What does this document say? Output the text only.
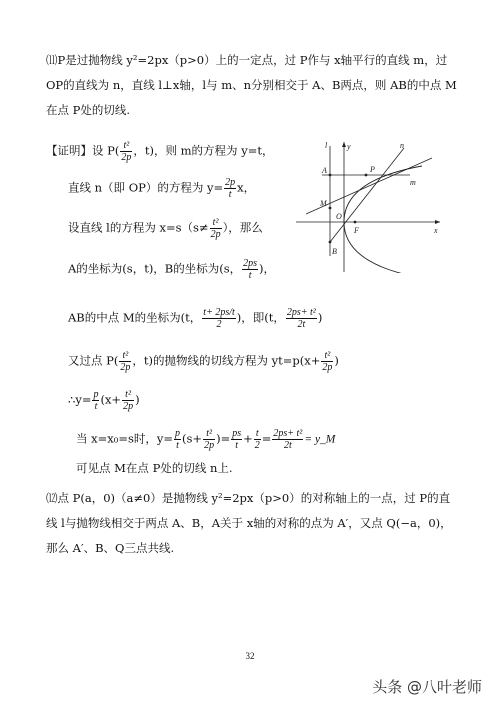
⑾P是过抛物线 y²=2px（p>0）上的一定点，过 P作与 x轴平行的直线 m，过
OP的直线为 n，直线 l⊥x轴，l与 m、n分别相交于 A、B两点，则 AB的中点 M
在点 P处的切线.
【证明】设 $P( \frac{\text{t²}}{2p}$ ，t)，则 m的方程为 y=t，
直线 n（即 OP）的方程为 $y= \frac{2p}{t}$ x，
设直线 l的方程为 $x=s(s\ne \frac{\text{t²}}{2p}$ ），那么
A的坐标为(s，t)，B的坐标为(s， $\frac{2ps}{t}$ )，
AB的中点 M的坐标为(t， $\frac{t+ 2ps/t}{2}$ )，即(t， $\frac{\text{2ps+ t²}}{2t}$ )
又过点 $P( \frac{\text{t²}}{2p}$ ，t)的抛物线的切线方程为 $yt=p(x+ \frac{\text{t²}}{2p}$ )
∴y= $\frac{p}{t} (x+ \frac{\text{t²}}{2p}$ )
当 x=x₀=s时，$y= \frac{p}{t} (s+ \frac{\text{t²}}{2p}$ )= $\frac{ps}{t} + \frac{t}{2} = \frac{\text{2ps+ t²}}{2t}$ = y_M
可见点 M在点 P处的切线 n上.
⑿点 P(a，0)（a≠0）是抛物线 y²=2px（p>0）的对称轴上的一点，过 P的直
线 l与抛物线相交于两点 A、B，A关于 x轴的对称的点为 A′，又点 Q(−a，0)，
那么 A′、B、Q三点共线.
l y	n
A	P
m
M
O
F	x
B
32
头条 @八叶老师
